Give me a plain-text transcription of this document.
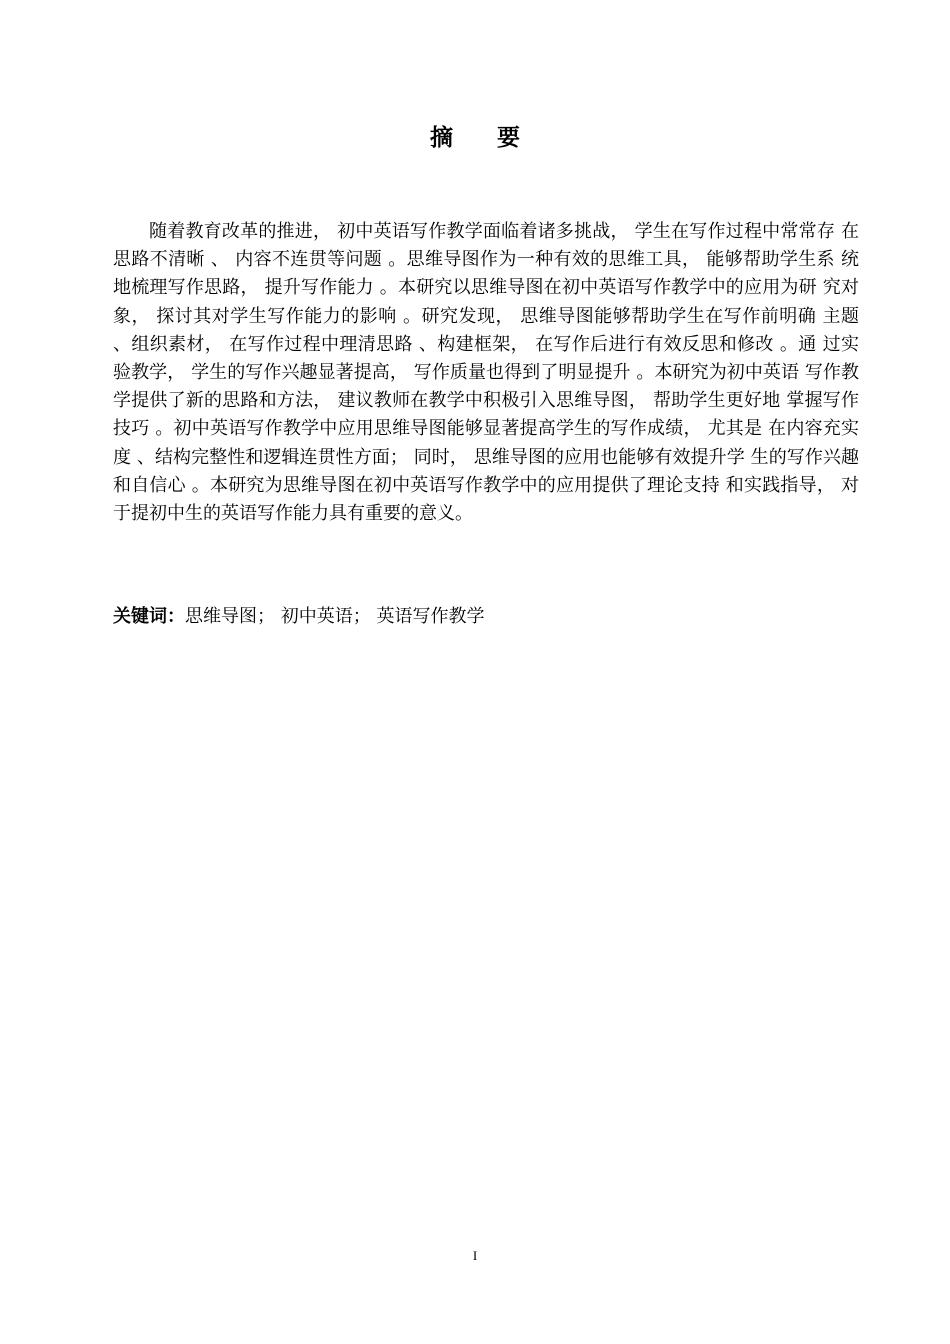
摘 要

随着教育改革的推进， 初中英语写作教学面临着诸多挑战， 学生在写作过程中常常存 在思路不清晰 、 内容不连贯等问题 。思维导图作为一种有效的思维工具， 能够帮助学生系 统地梳理写作思路， 提升写作能力 。本研究以思维导图在初中英语写作教学中的应用为研 究对象， 探讨其对学生写作能力的影响 。研究发现， 思维导图能够帮助学生在写作前明确 主题 、组织素材， 在写作过程中理清思路 、构建框架， 在写作后进行有效反思和修改 。通 过实验教学， 学生的写作兴趣显著提高， 写作质量也得到了明显提升 。本研究为初中英语 写作教学提供了新的思路和方法， 建议教师在教学中积极引入思维导图， 帮助学生更好地 掌握写作技巧 。初中英语写作教学中应用思维导图能够显著提高学生的写作成绩， 尤其是 在内容充实度 、结构完整性和逻辑连贯性方面； 同时， 思维导图的应用也能够有效提升学 生的写作兴趣和自信心 。本研究为思维导图在初中英语写作教学中的应用提供了理论支持 和实践指导， 对于提初中生的英语写作能力具有重要的意义。

关键词：思维导图； 初中英语； 英语写作教学

I
